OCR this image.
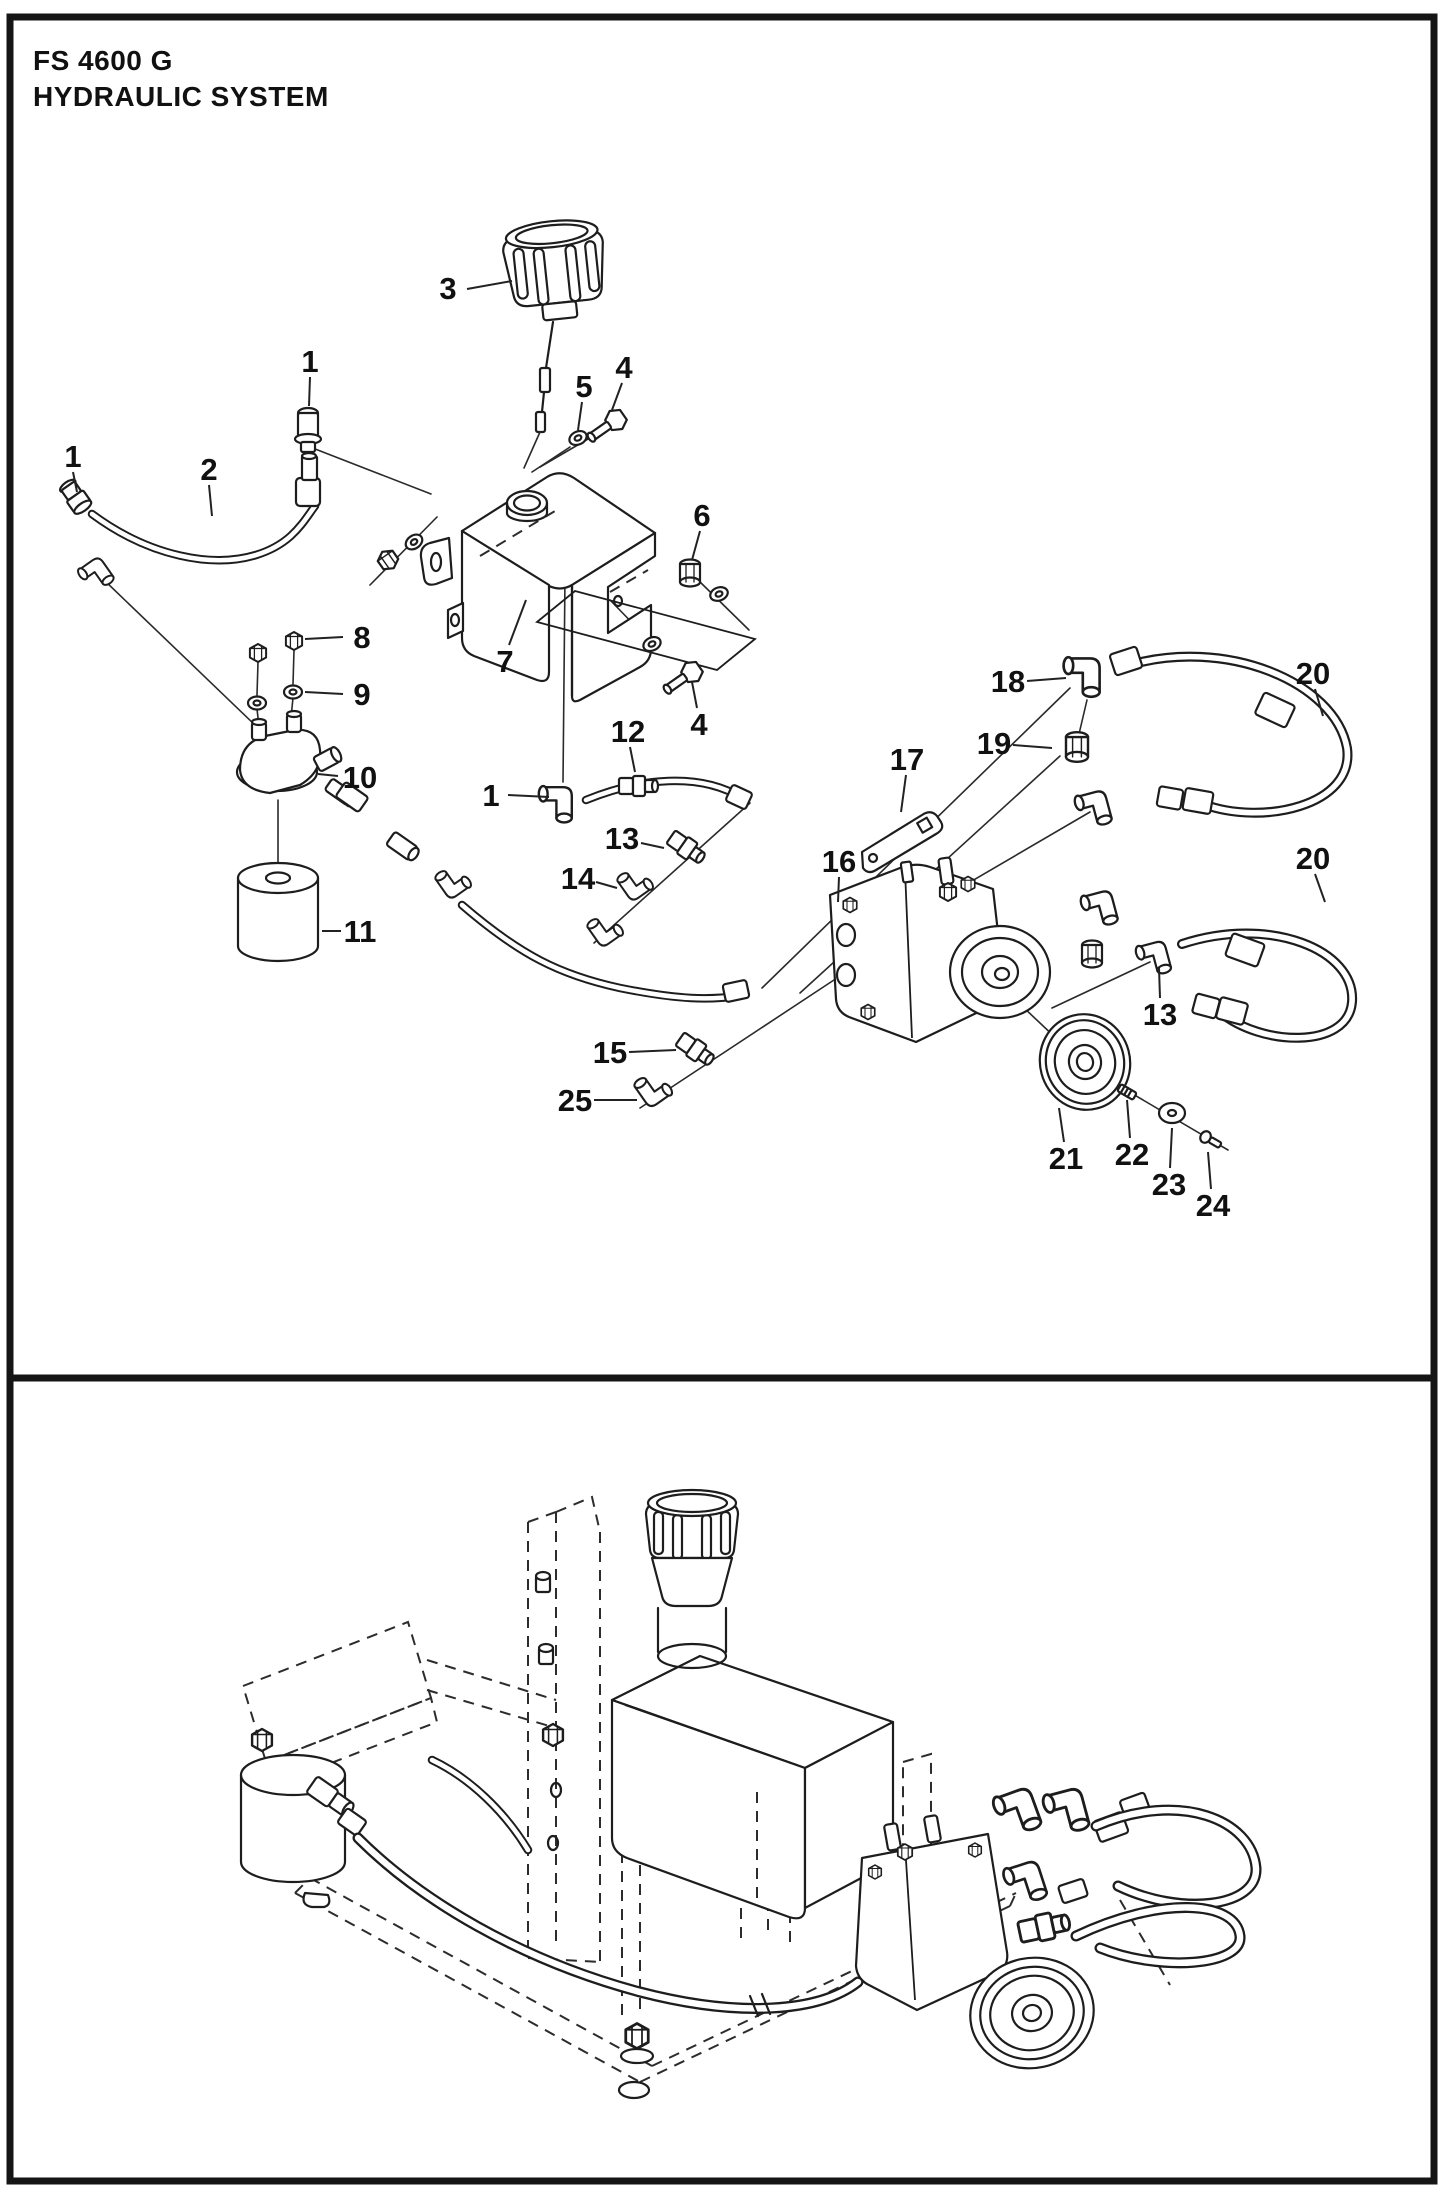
FS 4600 G
HYDRAULIC SYSTEM
1	2
1
3
5
4
6
7
4
8
9
10
1
12
13
14
11
15
25
16
17
18
19
20
20
13
21 22
23
24
